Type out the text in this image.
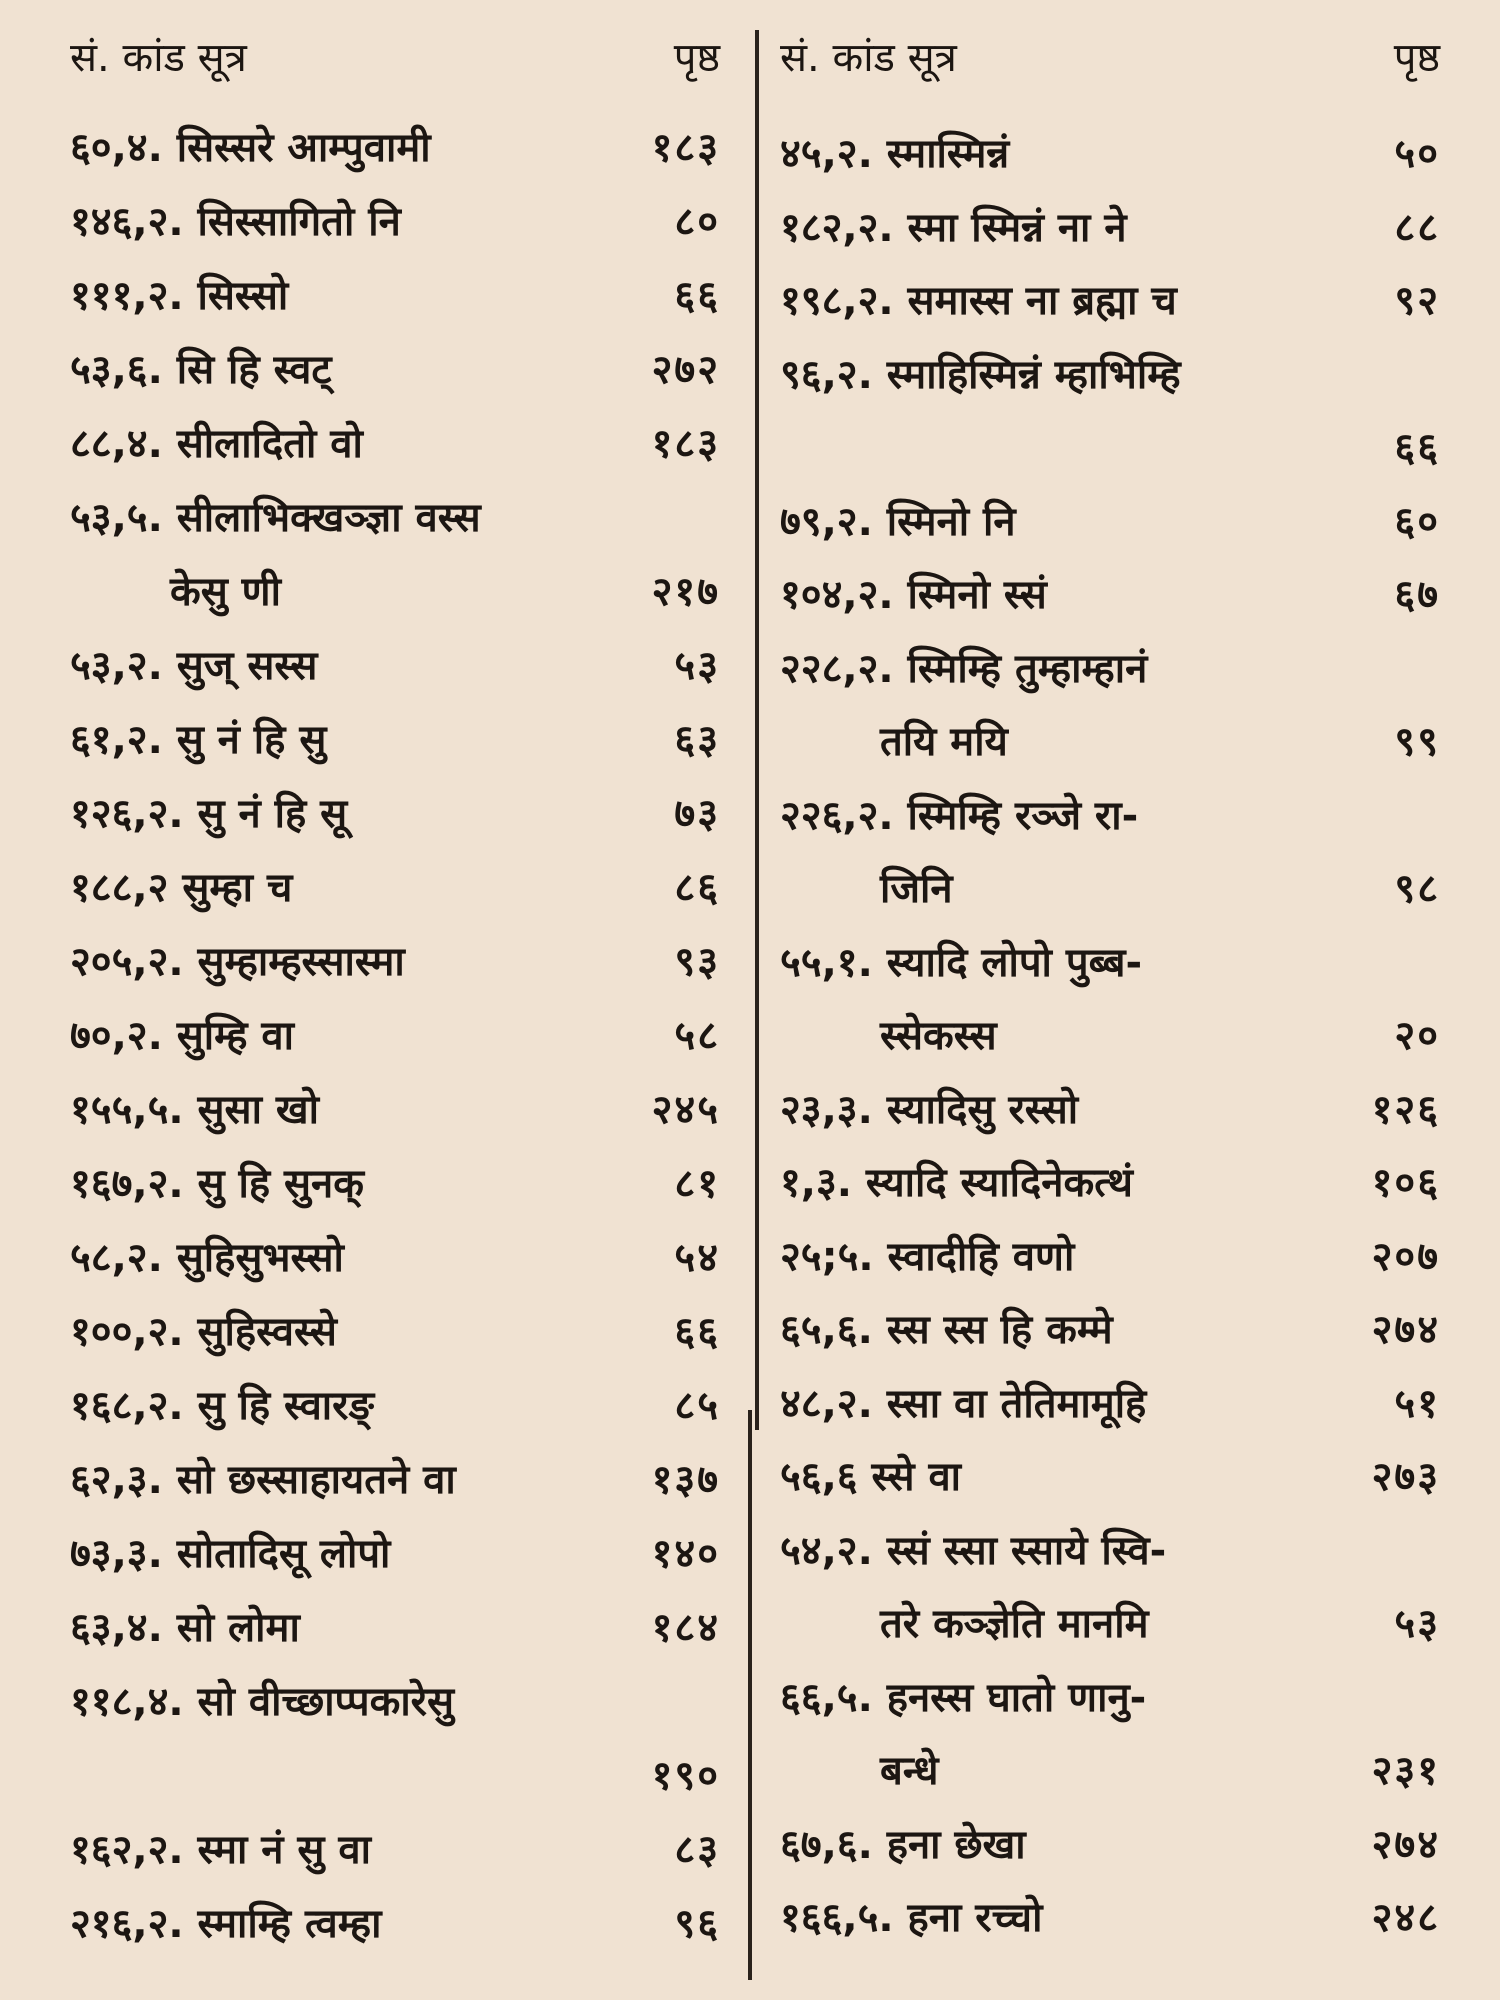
सं. कांड सूत्र	पृष्ठ
६०,४. सिस्सरे आम्पुवामी	१८३
१४६,२. सिस्सागितो नि	८०
१११,२. सिस्सो	६६
५३,६. सि हि स्वट्	२७२
८८,४. सीलादितो वो	१८३
५३,५. सीलाभिक्खञ्ज्ञा वस्स
केसु णी	२१७
५३,२. सुज् सस्स	५३
६१,२. सु नं हि सु	६३
१२६,२. सु नं हि सू	७३
१८८,२ सुम्हा च	८६
२०५,२. सुम्हाम्हस्सास्मा	९३
७०,२. सुम्हि वा	५८
१५५,५. सुसा खो	२४५
१६७,२. सु हि सुनक्	८१
५८,२. सुहिसुभस्सो	५४
१००,२. सुहिस्वस्से	६६
१६८,२. सु हि स्वारङ्	८५
६२,३. सो छस्साहायतने वा	१३७
७३,३. सोतादिसू लोपो	१४०
६३,४. सो लोमा	१८४
११८,४. सो वीच्छाप्पकारेसु
१९०
१६२,२. स्मा नं सु वा	८३
२१६,२. स्माम्हि त्वम्हा	९६
सं. कांड सूत्र	पृष्ठ
४५,२. स्मास्मिन्नं	५०
१८२,२. स्मा स्मिन्नं ना ने	८८
१९८,२. समास्स ना ब्रह्मा च	९२
९६,२. स्माहिस्मिन्नं म्हाभिम्हि
६६
७९,२. स्मिनो नि	६०
१०४,२. स्मिनो स्सं	६७
२२८,२. स्मिम्हि तुम्हाम्हानं
तयि मयि	९९
२२६,२. स्मिम्हि रञ्जे रा-
जिनि	९८
५५,१. स्यादि लोपो पुब्ब-
स्सेकस्स	२०
२३,३. स्यादिसु रस्सो	१२६
१,३. स्यादि स्यादिनेकत्थं	१०६
२५;५. स्वादीहि वणो	२०७
६५,६. स्स स्स हि कम्मे	२७४
४८,२. स्सा वा तेतिमामूहि	५१
५६,६ स्से वा	२७३
५४,२. स्सं स्सा स्साये स्वि-
तरे कञ्ज्ञेति मानमि	५३
६६,५. हनस्स घातो णानु-
बन्धे	२३१
६७,६. हना छेखा	२७४
१६६,५. हना रच्चो	२४८
